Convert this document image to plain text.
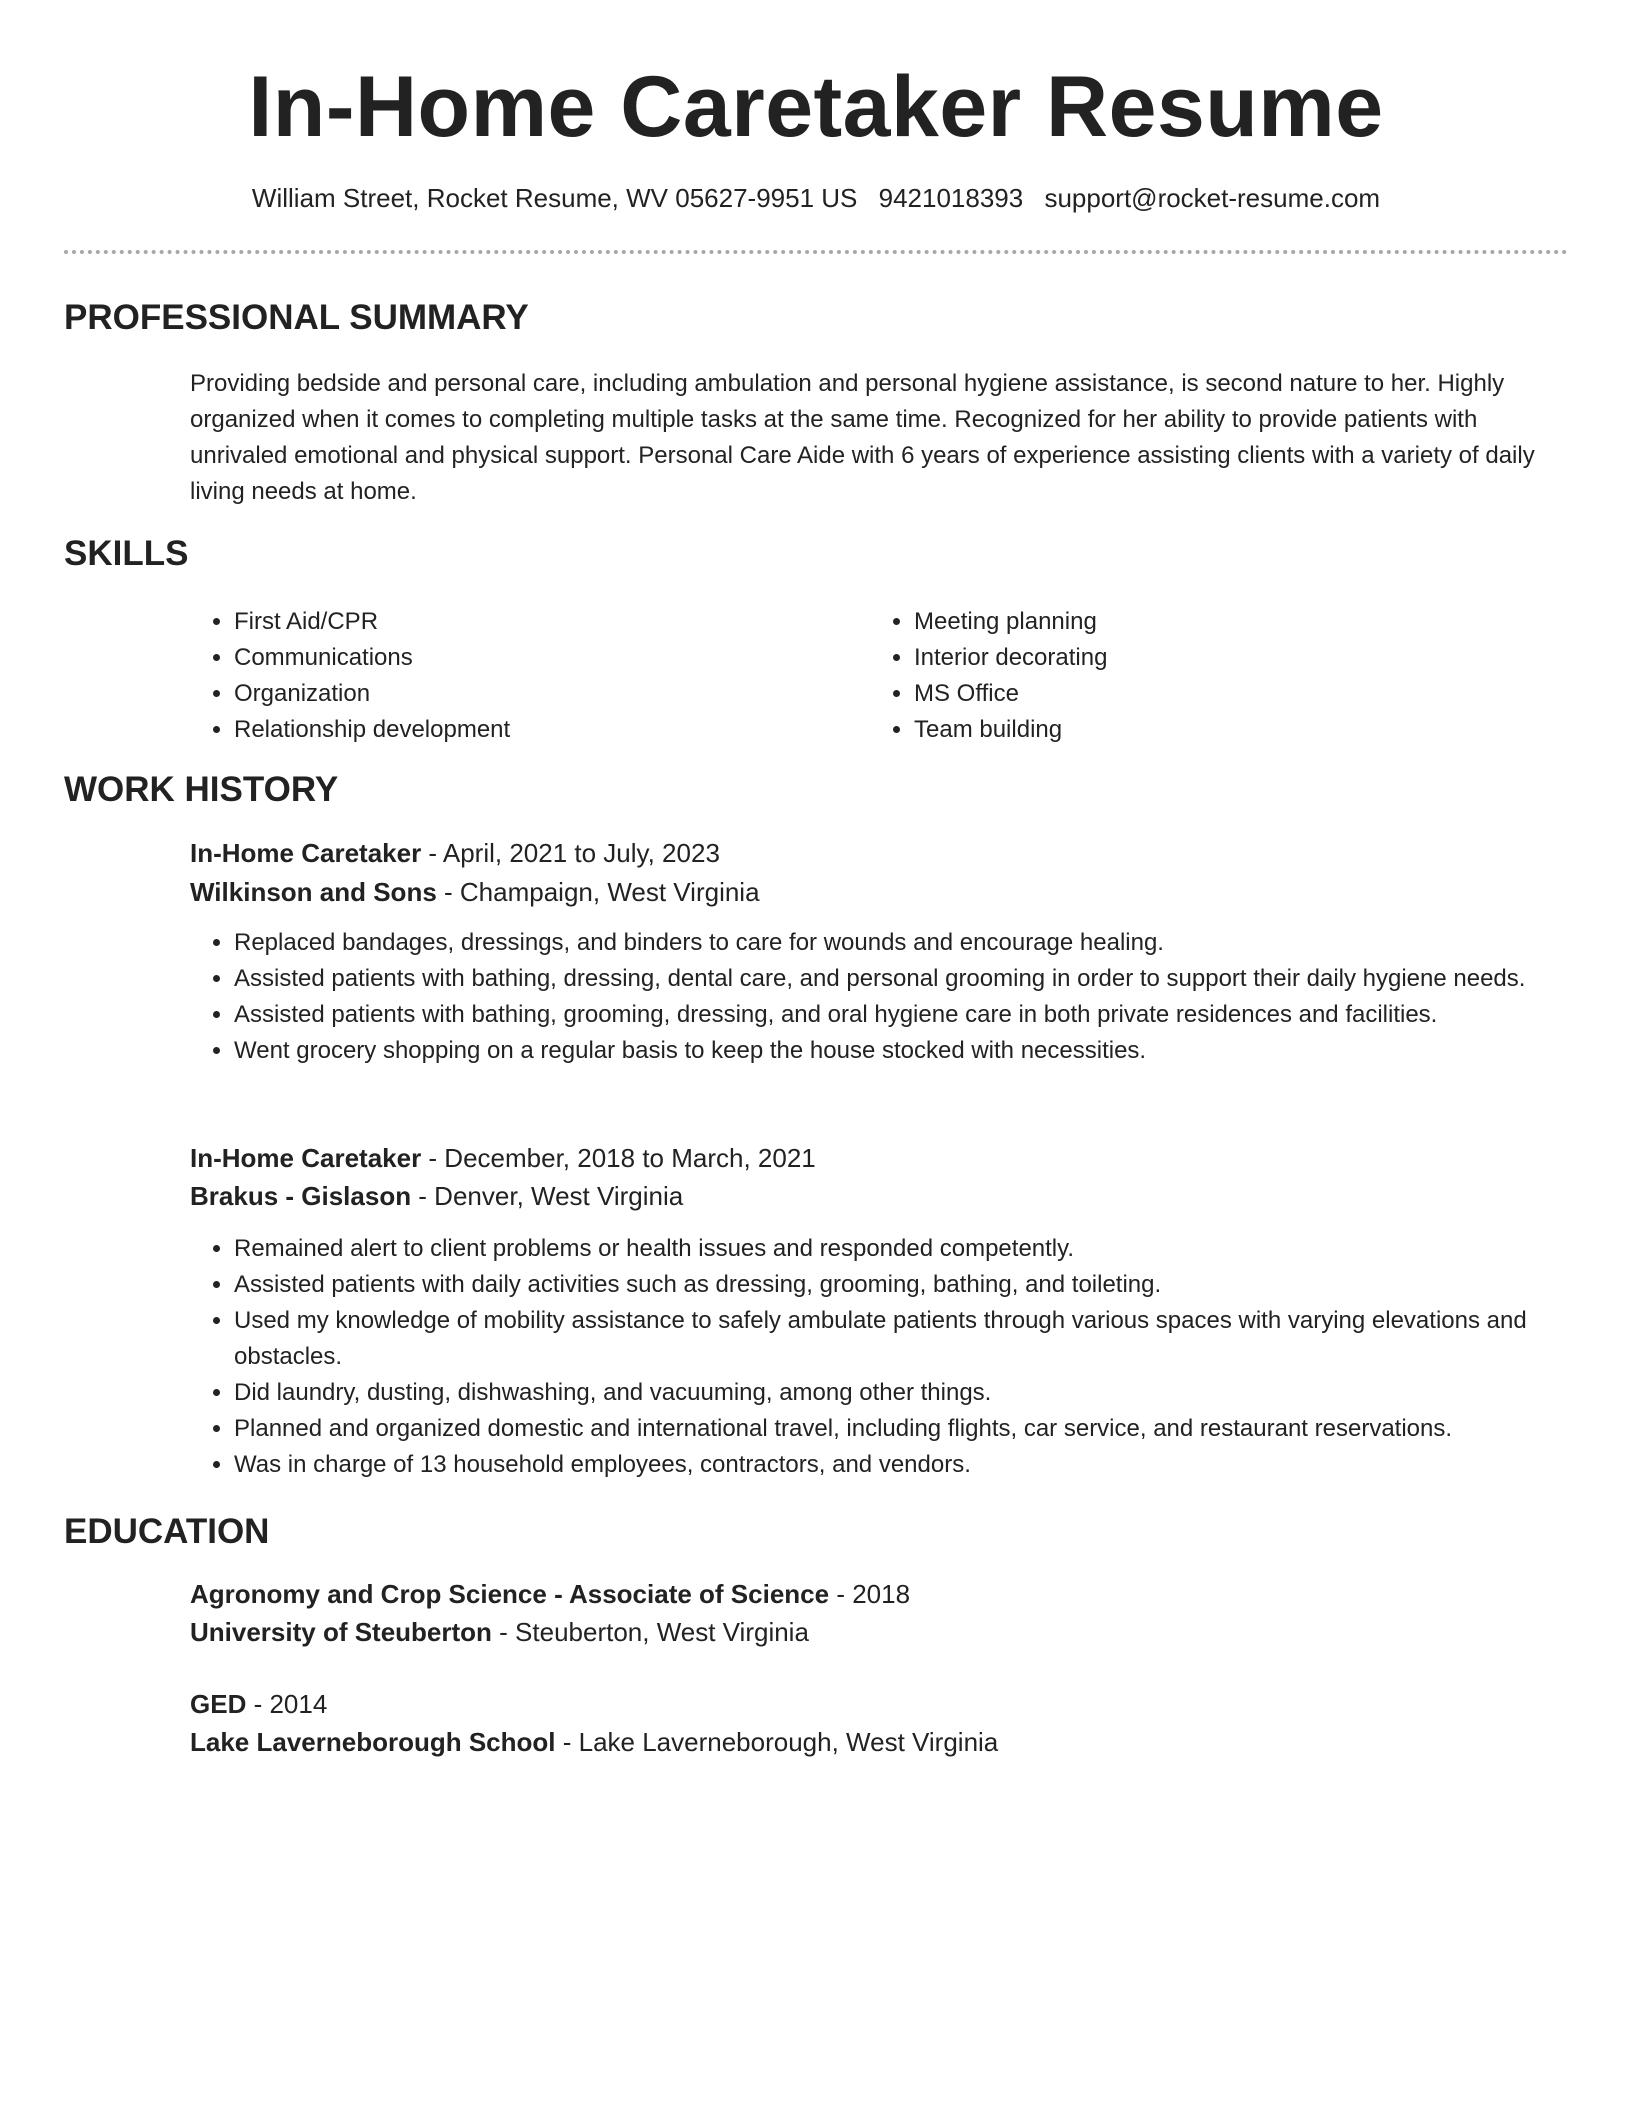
In-Home Caretaker Resume
William Street, Rocket Resume, WV 05627-9951 US 9421018393 support@rocket-resume.com
PROFESSIONAL SUMMARY

Providing bedside and personal care, including ambulation and personal hygiene assistance, is second nature to her. Highly organized when it comes to completing multiple tasks at the same time. Recognized for her ability to provide patients with unrivaled emotional and physical support. Personal Care Aide with 6 years of experience assisting clients with a variety of daily living needs at home.

SKILLS
• First Aid/CPR
• Communications
• Organization
• Relationship development
• Meeting planning
• Interior decorating
• MS Office
• Team building
WORK HISTORY
In-Home Caretaker - April, 2021 to July, 2023
Wilkinson and Sons - Champaign, West Virginia
• Replaced bandages, dressings, and binders to care for wounds and encourage healing.
• Assisted patients with bathing, dressing, dental care, and personal grooming in order to support their daily hygiene needs.
• Assisted patients with bathing, grooming, dressing, and oral hygiene care in both private residences and facilities.
• Went grocery shopping on a regular basis to keep the house stocked with necessities.
In-Home Caretaker - December, 2018 to March, 2021
Brakus - Gislason - Denver, West Virginia
• Remained alert to client problems or health issues and responded competently.
• Assisted patients with daily activities such as dressing, grooming, bathing, and toileting.
• Used my knowledge of mobility assistance to safely ambulate patients through various spaces with varying elevations and obstacles.
• Did laundry, dusting, dishwashing, and vacuuming, among other things.
• Planned and organized domestic and international travel, including flights, car service, and restaurant reservations.
• Was in charge of 13 household employees, contractors, and vendors.
EDUCATION
Agronomy and Crop Science - Associate of Science - 2018
University of Steuberton - Steuberton, West Virginia
GED - 2014
Lake Laverneborough School - Lake Laverneborough, West Virginia
